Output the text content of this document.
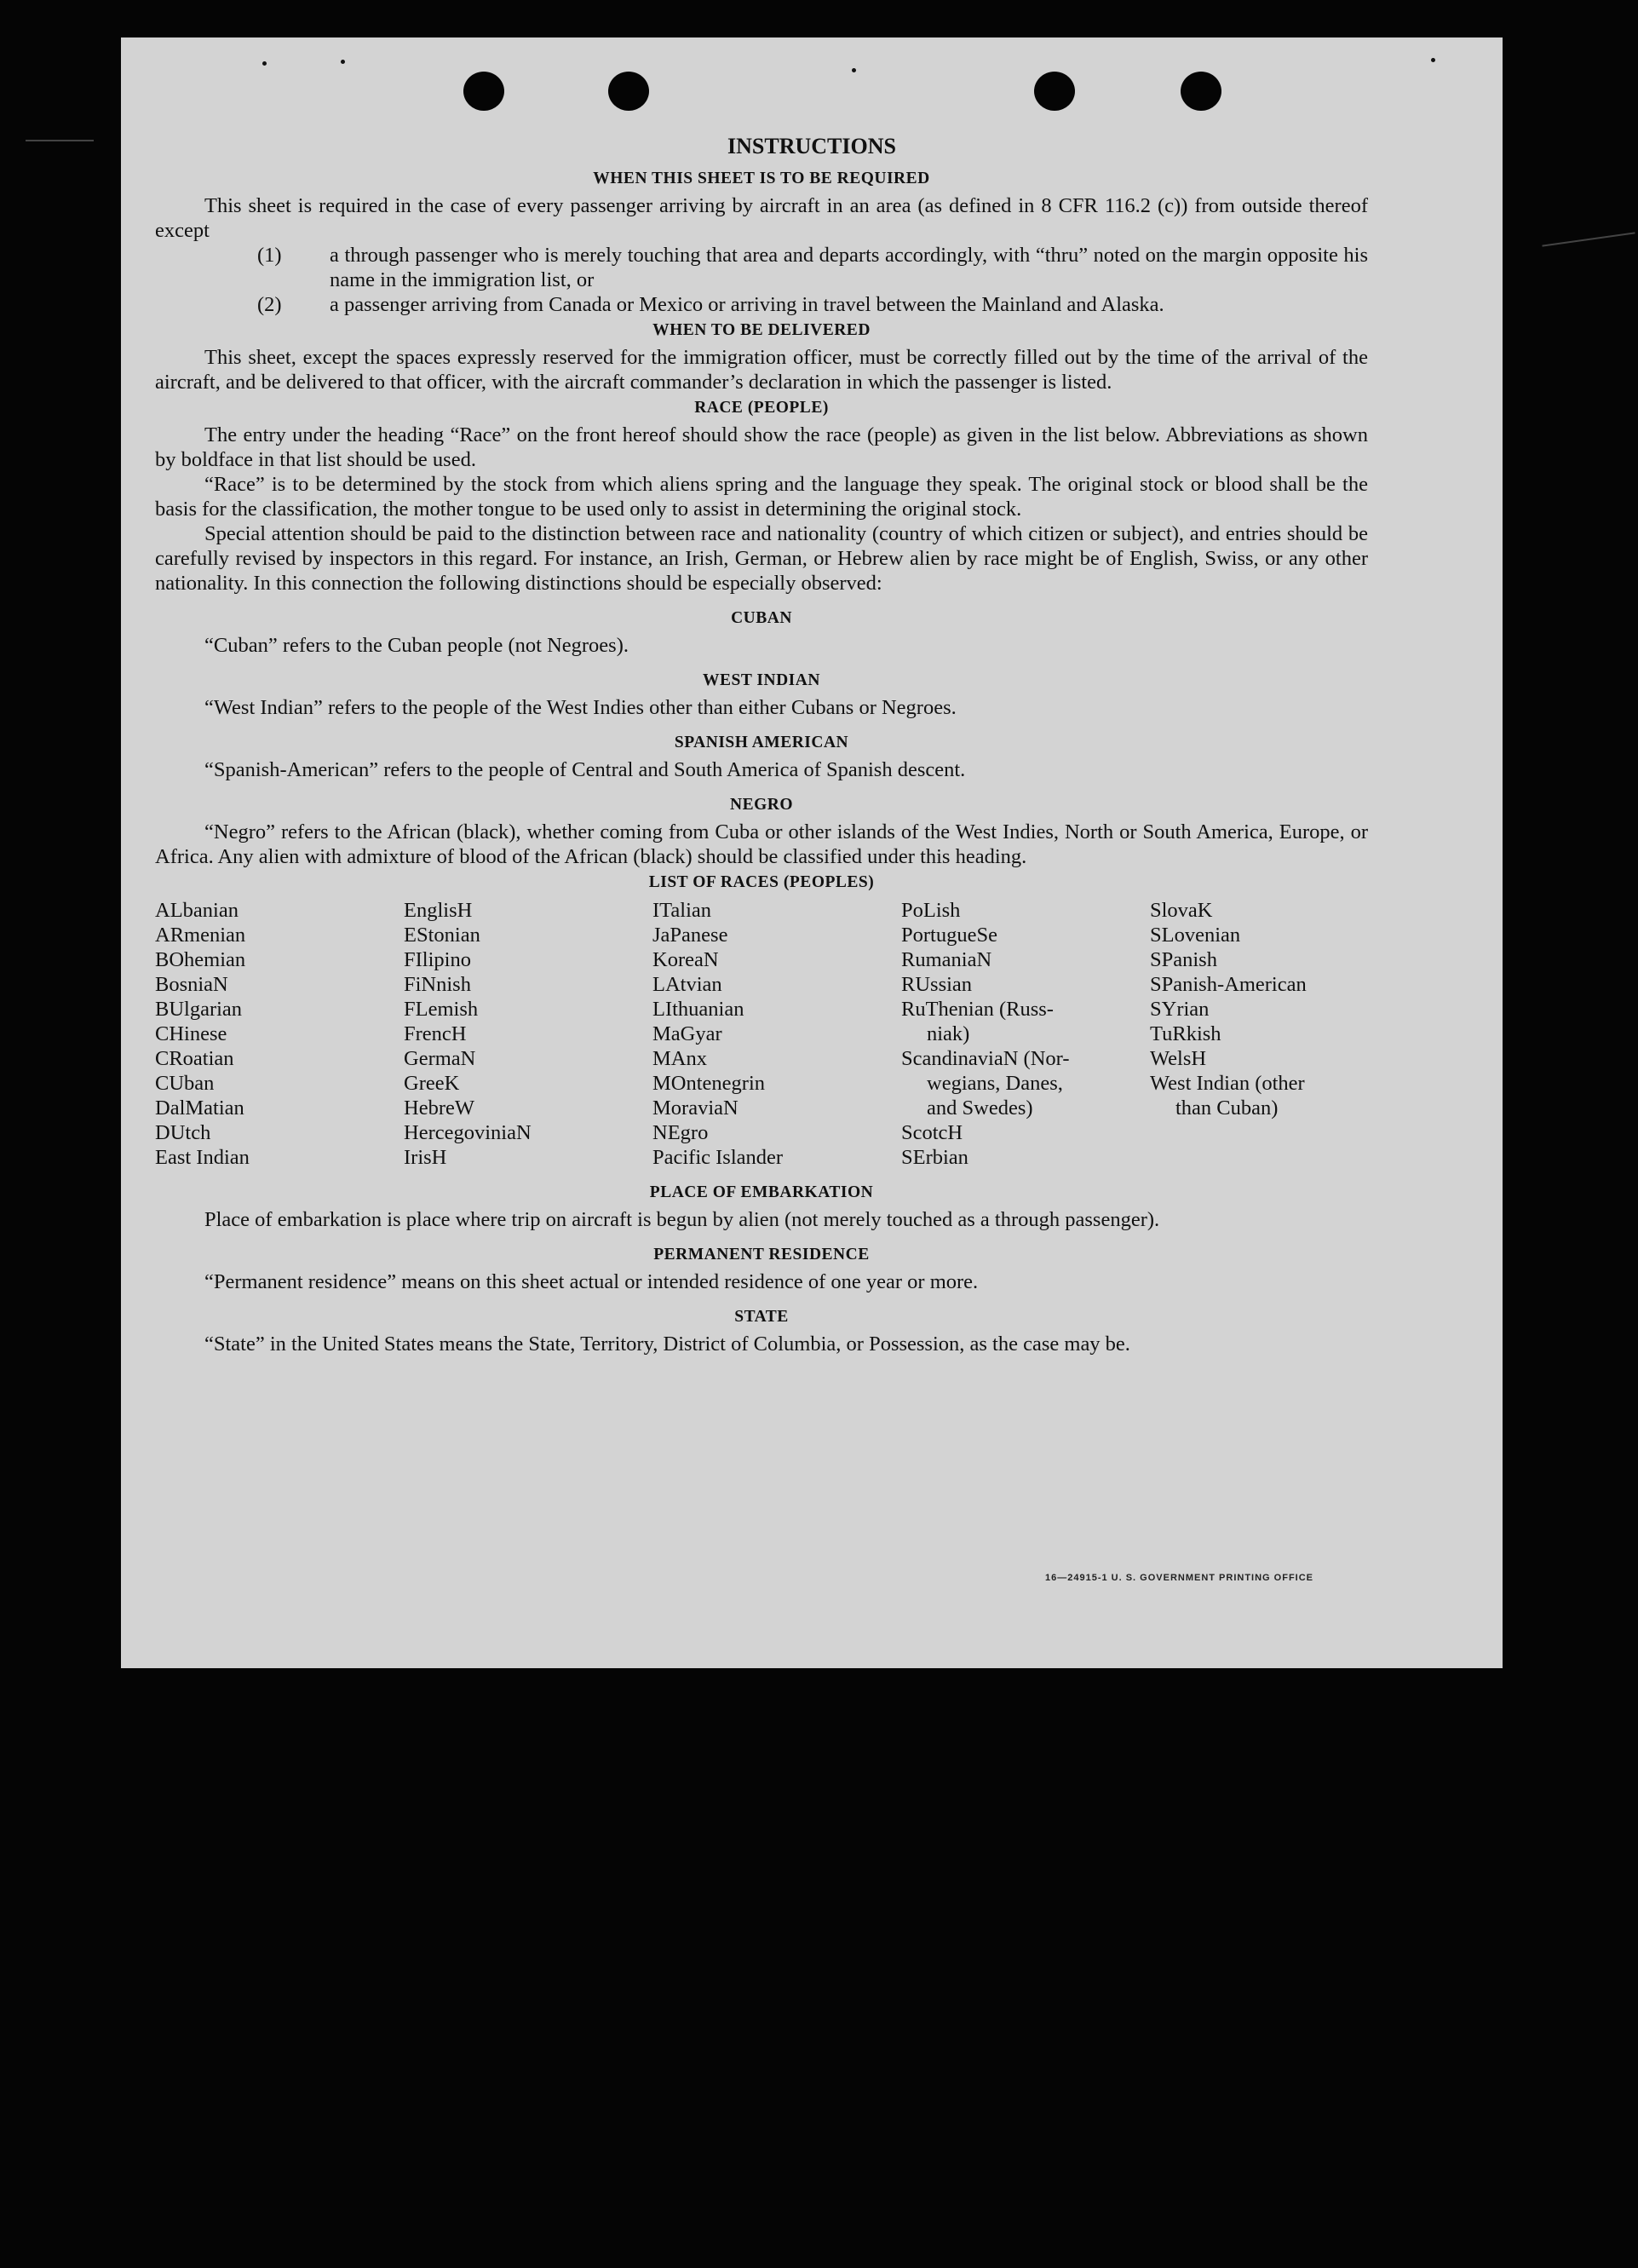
INSTRUCTIONS
WHEN THIS SHEET IS TO BE REQUIRED

This sheet is required in the case of every passenger arriving by aircraft in an area (as defined in 8 CFR 116.2 (c)) from outside thereof except

(1) a through passenger who is merely touching that area and departs accordingly, with “thru” noted on the margin opposite his name in the immigration list, or
(2) a passenger arriving from Canada or Mexico or arriving in travel between the Mainland and Alaska.
WHEN TO BE DELIVERED

This sheet, except the spaces expressly reserved for the immigration officer, must be correctly filled out by the time of the arrival of the aircraft, and be delivered to that officer, with the aircraft commander’s declaration in which the passenger is listed.

RACE (PEOPLE)

The entry under the heading “Race” on the front hereof should show the race (people) as given in the list below. Abbreviations as shown by boldface in that list should be used.

“Race” is to be determined by the stock from which aliens spring and the language they speak. The original stock or blood shall be the basis for the classification, the mother tongue to be used only to assist in determining the original stock.

Special attention should be paid to the distinction between race and nationality (country of which citizen or subject), and entries should be carefully revised by inspectors in this regard. For instance, an Irish, German, or Hebrew alien by race might be of English, Swiss, or any other nationality. In this connection the following distinctions should be especially observed:

CUBAN

“Cuban” refers to the Cuban people (not Negroes).

WEST INDIAN

“West Indian” refers to the people of the West Indies other than either Cubans or Negroes.

SPANISH AMERICAN

“Spanish-American” refers to the people of Central and South America of Spanish descent.

NEGRO

“Negro” refers to the African (black), whether coming from Cuba or other islands of the West Indies, North or South America, Europe, or Africa. Any alien with admixture of blood of the African (black) should be classified under this heading.

LIST OF RACES (PEOPLES)
ALbanian	EnglisH	ITalian	PoLish	SlovaK
ARmenian	EStonian	JaPanese	PortugueSe	SLovenian
BOhemian	FIlipino	KoreaN	RumaniaN	SPanish
BosniaN	FiNnish	LAtvian	RUssian	SPanish-American
BUlgarian	FLemish	LIthuanian	RuThenian (Russ-	SYrian
CHinese	FrencH	MaGyar	niak)	TuRkish
CRoatian	GermaN	MAnx	ScandinaviaN (Nor-	WelsH
CUban	GreeK	MOntenegrin	wegians, Danes,	West Indian (other
DalMatian	HebreW	MoraviaN	and Swedes)	than Cuban)
DUtch	HercegoviniaN	NEgro	ScotcH
East Indian	IrisH	Pacific Islander	SErbian
PLACE OF EMBARKATION

Place of embarkation is place where trip on aircraft is begun by alien (not merely touched as a through passenger).

PERMANENT RESIDENCE

“Permanent residence” means on this sheet actual or intended residence of one year or more.

STATE

“State” in the United States means the State, Territory, District of Columbia, or Possession, as the case may be.

16—24915-1 U. S. GOVERNMENT PRINTING OFFICE
